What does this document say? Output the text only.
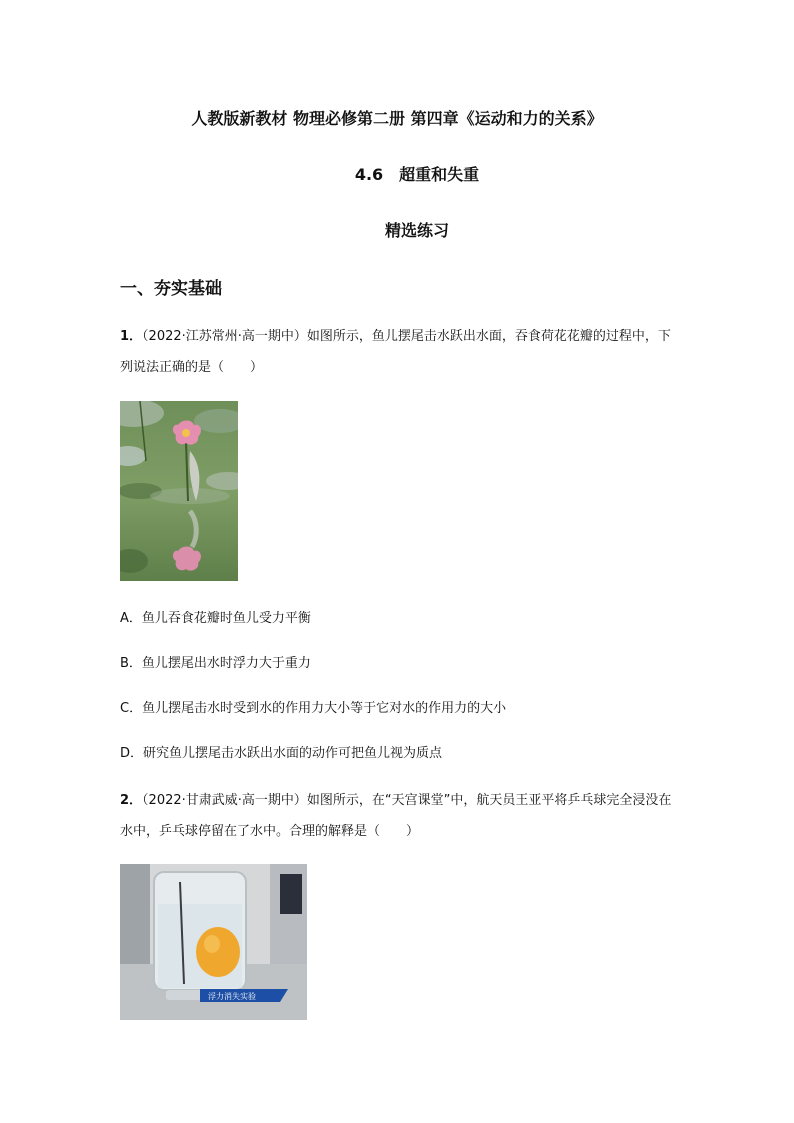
人教版新教材 物理必修第二册 第四章《运动和力的关系》
4.6　超重和失重
精选练习
一、夯实基础
1．（2022·江苏常州·高一期中）如图所示，鱼儿摆尾击水跃出水面，吞食荷花花瓣的过程中，下列说法正确的是（　　）
A．鱼儿吞食花瓣时鱼儿受力平衡
B．鱼儿摆尾出水时浮力大于重力
C．鱼儿摆尾击水时受到水的作用力大小等于它对水的作用力的大小
D．研究鱼儿摆尾击水跃出水面的动作可把鱼儿视为质点
2．（2022·甘肃武威·高一期中）如图所示，在“天宫课堂”中，航天员王亚平将乒乓球完全浸没在水中，乒乓球停留在了水中。合理的解释是（　　）
浮力消失实验
